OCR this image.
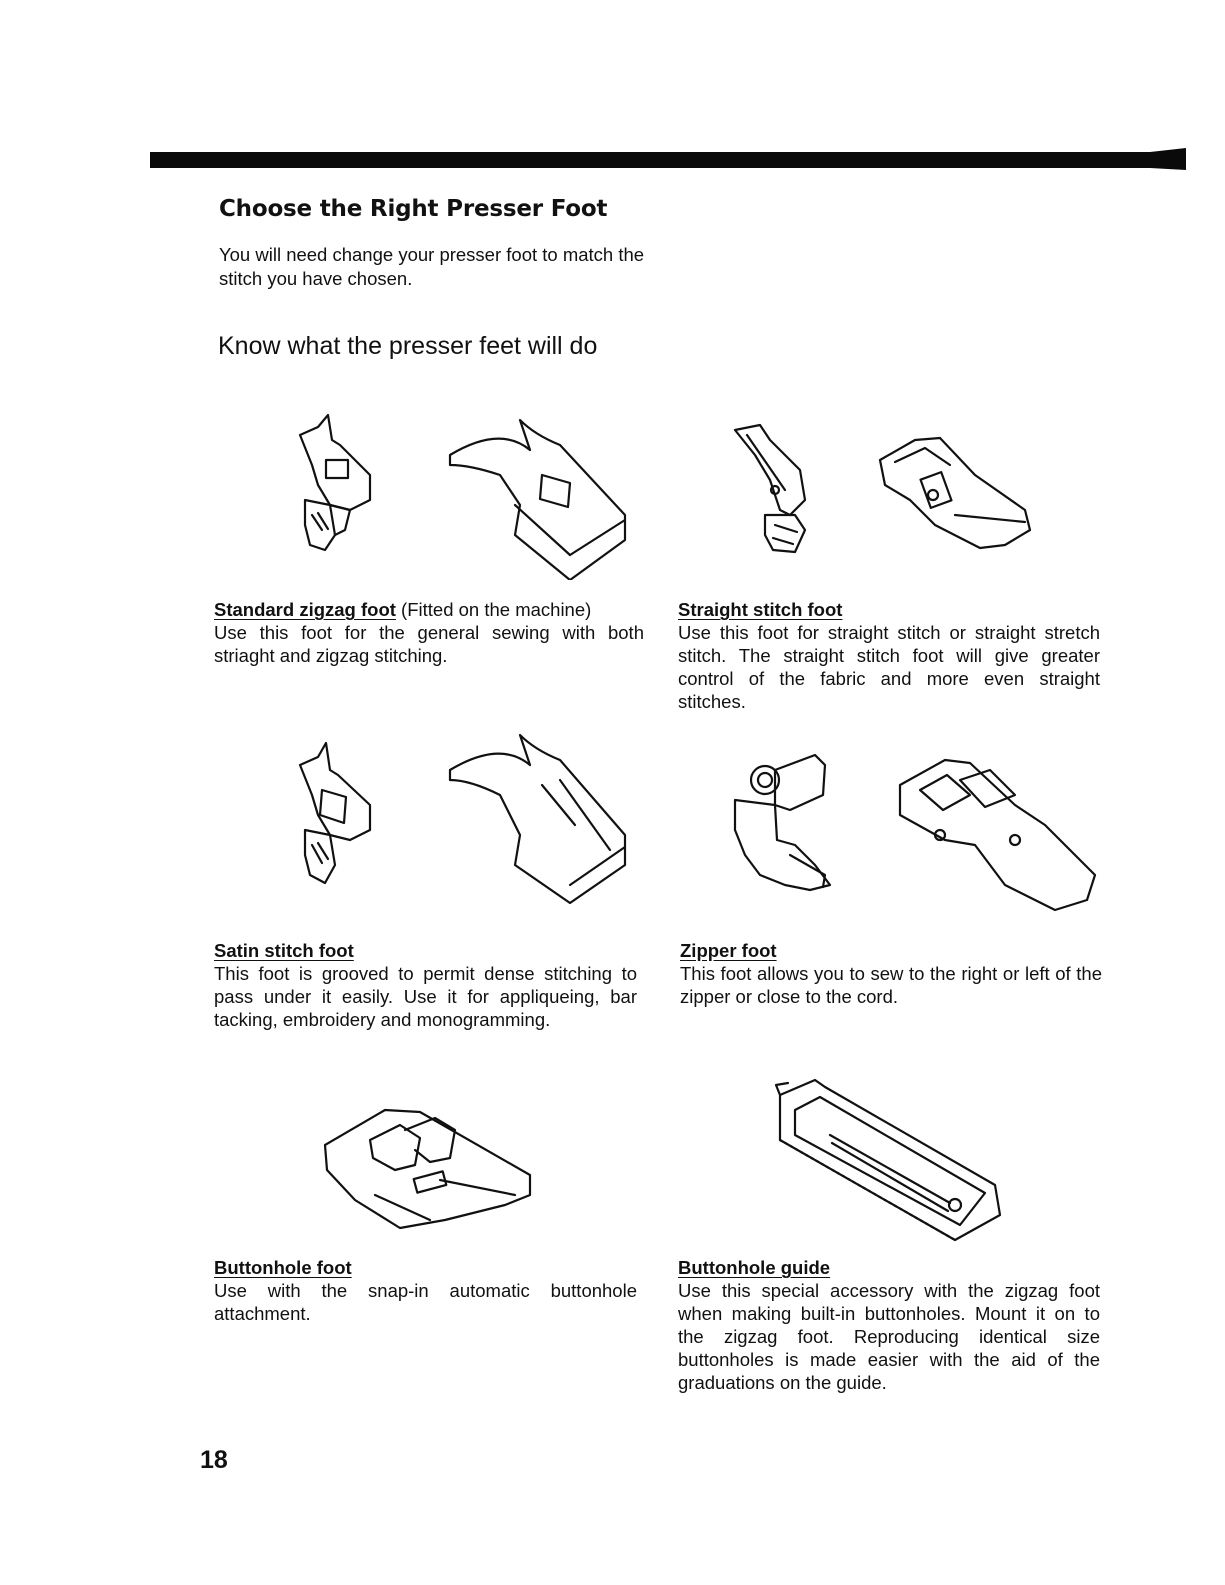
Choose the Right Presser Foot

You will need change your presser foot to match the stitch you have chosen.

Know what the presser feet will do

Standard zigzag foot (Fitted on the machine)

Use this foot for the general sewing with both striaght and zigzag stitching.

Straight stitch foot

Use this foot for straight stitch or straight stretch stitch. The straight stitch foot will give greater control of the fabric and more even straight stitches.

Satin stitch foot

This foot is grooved to permit dense stitching to pass under it easily. Use it for appliqueing, bar tacking, embroidery and monogramming.

Zipper foot

This foot allows you to sew to the right or left of the zipper or close to the cord.

Buttonhole foot

Use with the snap-in automatic buttonhole attachment.

Buttonhole guide

Use this special accessory with the zigzag foot when making built-in buttonholes. Mount it on to the zigzag foot. Reproducing identical size buttonholes is made easier with the aid of the graduations on the guide.

18
